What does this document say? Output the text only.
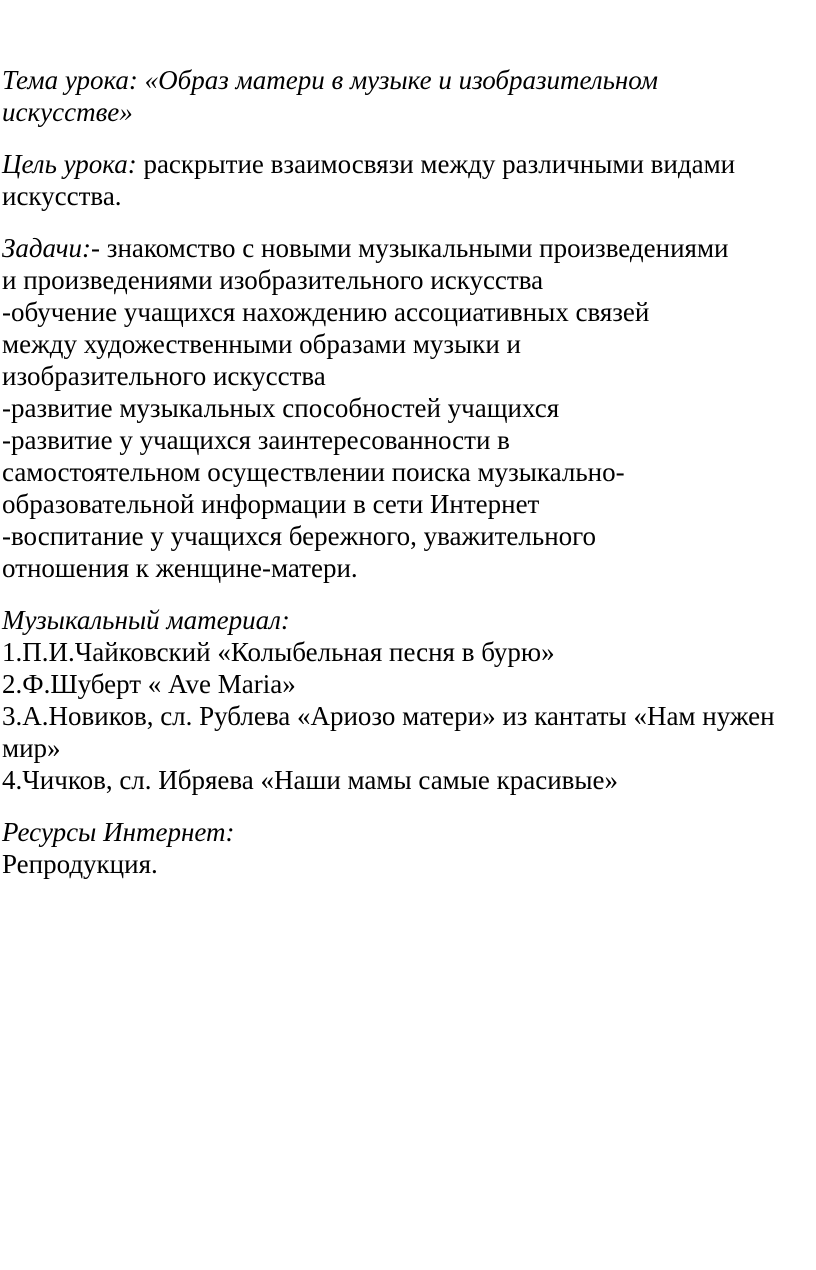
Тема урока: «Образ матери в музыке и изобразительном
искусстве»
Цель урока: раскрытие взаимосвязи между различными видами
искусства.
Задачи:- знакомство с новыми музыкальными произведениями
и произведениями изобразительного искусства
-обучение учащихся нахождению ассоциативных связей
между художественными образами музыки и
изобразительного искусства
-развитие музыкальных способностей учащихся
-развитие у учащихся заинтересованности в
самостоятельном осуществлении поиска музыкально-
образовательной информации в сети Интернет
-воспитание у учащихся бережного, уважительного
отношения к женщине-матери.
Музыкальный материал:
1.П.И.Чайковский «Колыбельная песня в бурю»
2.Ф.Шуберт « Ave Maria»
3.А.Новиков, сл. Рублева «Ариозо матери» из кантаты «Нам нужен
мир»
4.Чичков, сл. Ибряева «Наши мамы самые красивые»
Ресурсы Интернет:
Репродукция.
